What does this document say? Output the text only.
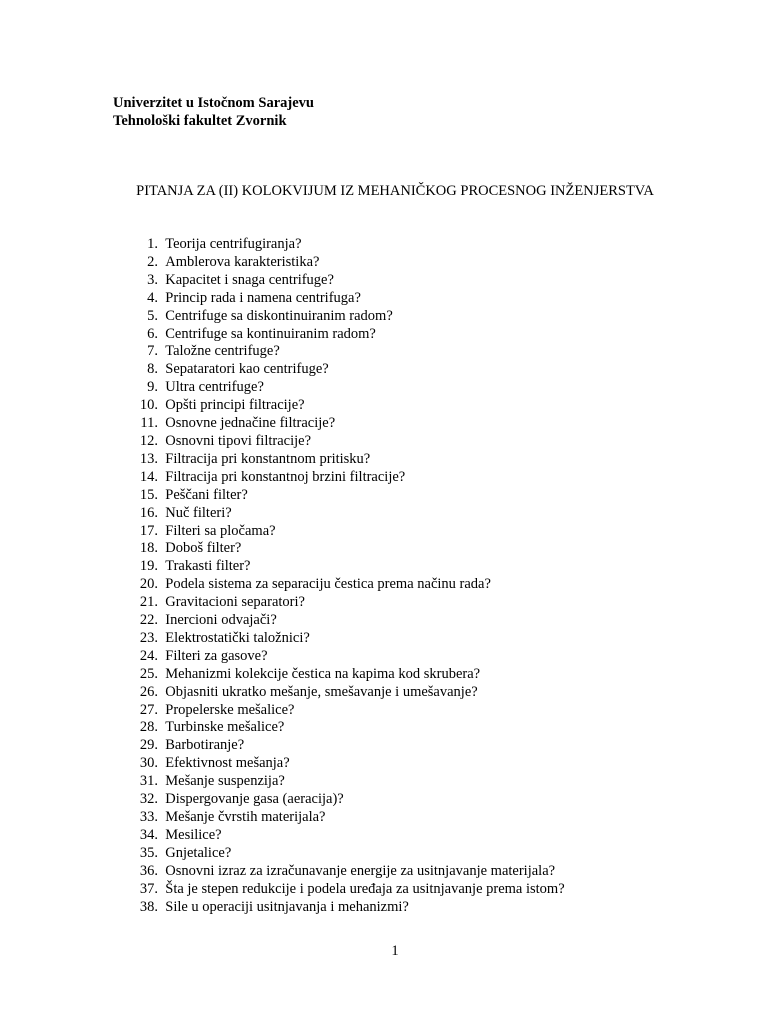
Univerzitet u Istočnom Sarajevu
Tehnološki fakultet Zvornik
PITANJA ZA (II) KOLOKVIJUM IZ MEHANIČKOG PROCESNOG INŽENJERSTVA
1.
Teorija centrifugiranja?
2.
Amblerova karakteristika?
3.
Kapacitet i snaga centrifuge?
4.
Princip rada i namena centrifuga?
5.
Centrifuge sa diskontinuiranim radom?
6.
Centrifuge sa kontinuiranim radom?
7.
Taložne centrifuge?
8.
Sepataratori kao centrifuge?
9.
Ultra centrifuge?
10.
Opšti principi filtracije?
11.
Osnovne jednačine filtracije?
12.
Osnovni tipovi filtracije?
13.
Filtracija pri konstantnom pritisku?
14.
Filtracija pri konstantnoj brzini filtracije?
15.
Peščani filter?
16.
Nuč filteri?
17.
Filteri sa pločama?
18.
Doboš filter?
19.
Trakasti filter?
20.
Podela sistema za separaciju čestica prema načinu rada?
21.
Gravitacioni separatori?
22.
Inercioni odvajači?
23.
Elektrostatički taložnici?
24.
Filteri za gasove?
25.
Mehanizmi kolekcije čestica na kapima kod skrubera?
26.
Objasniti ukratko mešanje, smešavanje i umešavanje?
27.
Propelerske mešalice?
28.
Turbinske mešalice?
29.
Barbotiranje?
30.
Efektivnost mešanja?
31.
Mešanje suspenzija?
32.
Dispergovanje gasa (aeracija)?
33.
Mešanje čvrstih materijala?
34.
Mesilice?
35.
Gnjetalice?
36.
Osnovni izraz za izračunavanje energije za usitnjavanje materijala?
37.
Šta je stepen redukcije i podela uređaja za usitnjavanje prema istom?
38.
Sile u operaciji usitnjavanja i mehanizmi?
1
